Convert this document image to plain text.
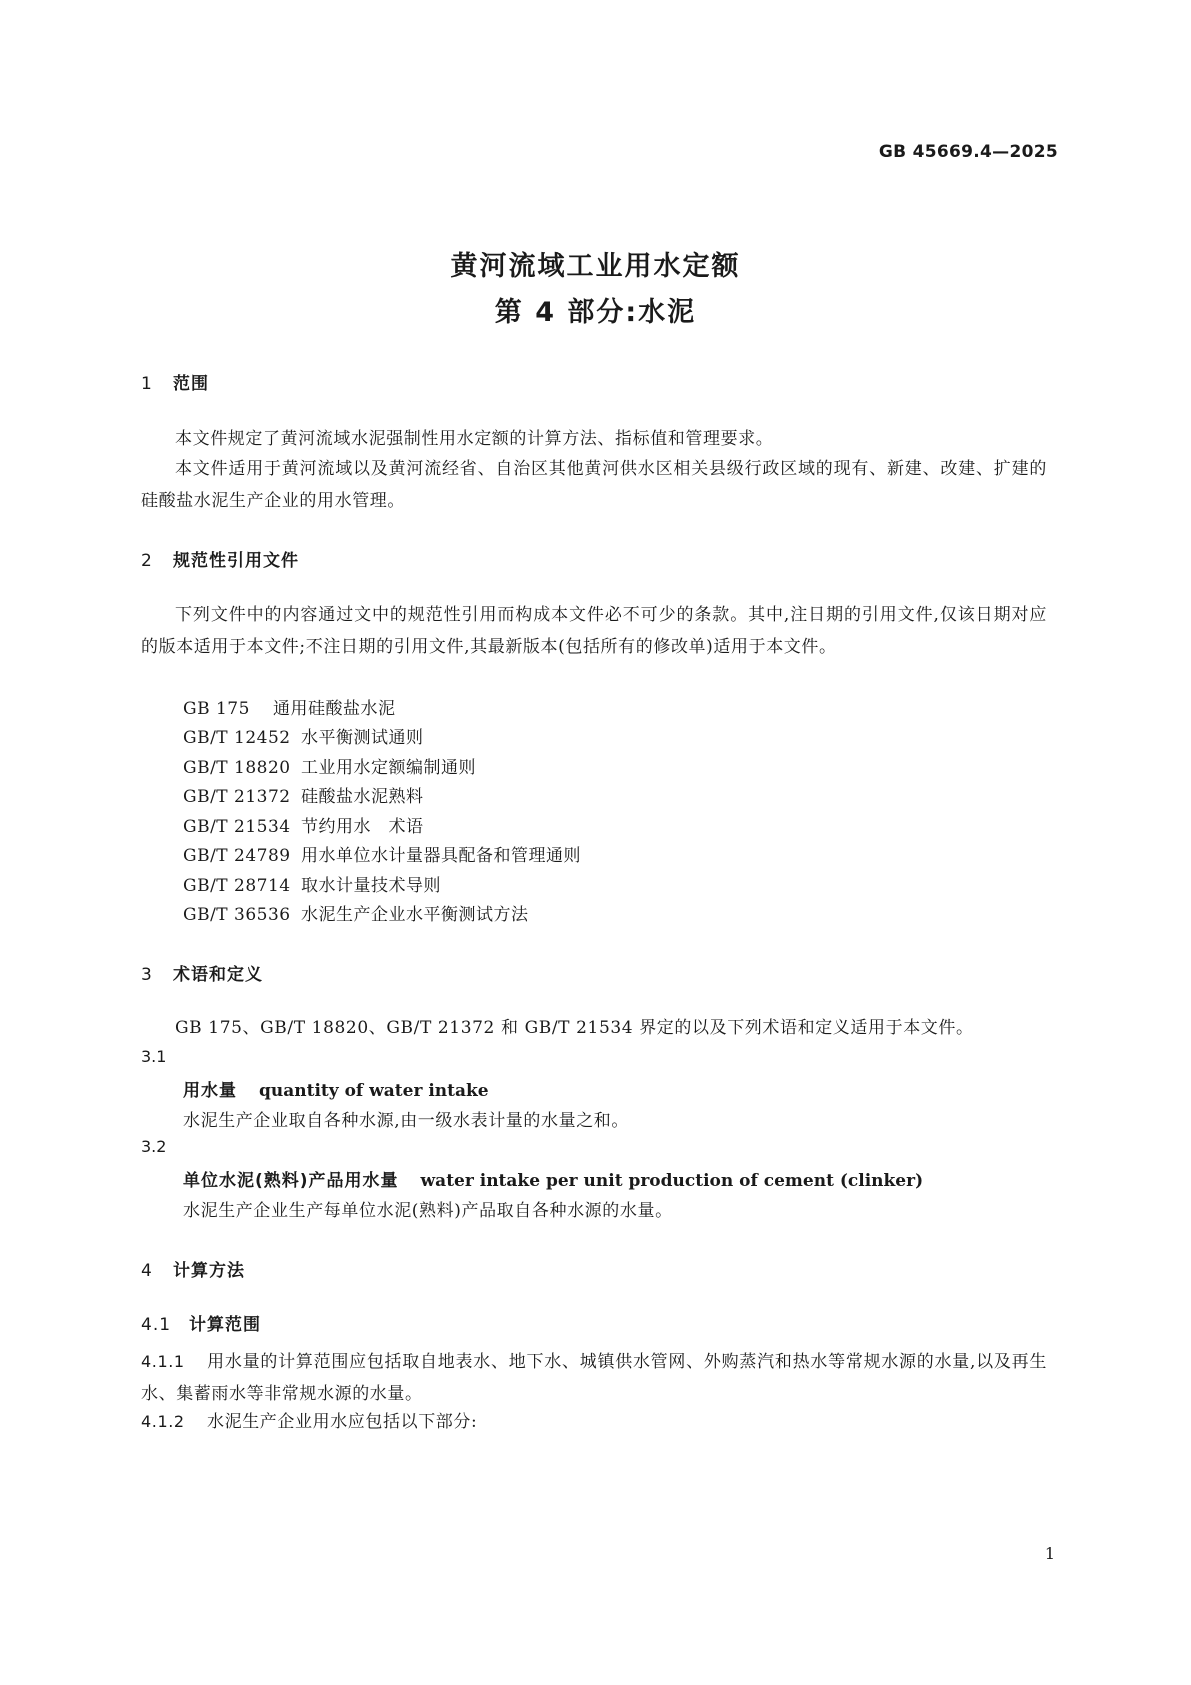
GB 45669.4—2025
黄河流域工业用水定额
第 4 部分:水泥
1 范围
本文件规定了黄河流域水泥强制性用水定额的计算方法、指标值和管理要求。
本文件适用于黄河流域以及黄河流经省、自治区其他黄河供水区相关县级行政区域的现有、新建、改建、扩建的硅酸盐水泥生产企业的用水管理。
2 规范性引用文件
下列文件中的内容通过文中的规范性引用而构成本文件必不可少的条款。其中,注日期的引用文件,仅该日期对应的版本适用于本文件;不注日期的引用文件,其最新版本(包括所有的修改单)适用于本文件。
GB 175 通用硅酸盐水泥
GB/T 12452 水平衡测试通则
GB/T 18820 工业用水定额编制通则
GB/T 21372 硅酸盐水泥熟料
GB/T 21534 节约用水　术语
GB/T 24789 用水单位水计量器具配备和管理通则
GB/T 28714 取水计量技术导则
GB/T 36536 水泥生产企业水平衡测试方法
3 术语和定义
GB 175、GB/T 18820、GB/T 21372 和 GB/T 21534 界定的以及下列术语和定义适用于本文件。
3.1
用水量 quantity of water intake
水泥生产企业取自各种水源,由一级水表计量的水量之和。
3.2
单位水泥(熟料)产品用水量 water intake per unit production of cement (clinker)
水泥生产企业生产每单位水泥(熟料)产品取自各种水源的水量。
4 计算方法
4.1 计算范围
4.1.1 用水量的计算范围应包括取自地表水、地下水、城镇供水管网、外购蒸汽和热水等常规水源的水量,以及再生水、集蓄雨水等非常规水源的水量。
4.1.2 水泥生产企业用水应包括以下部分:
1
